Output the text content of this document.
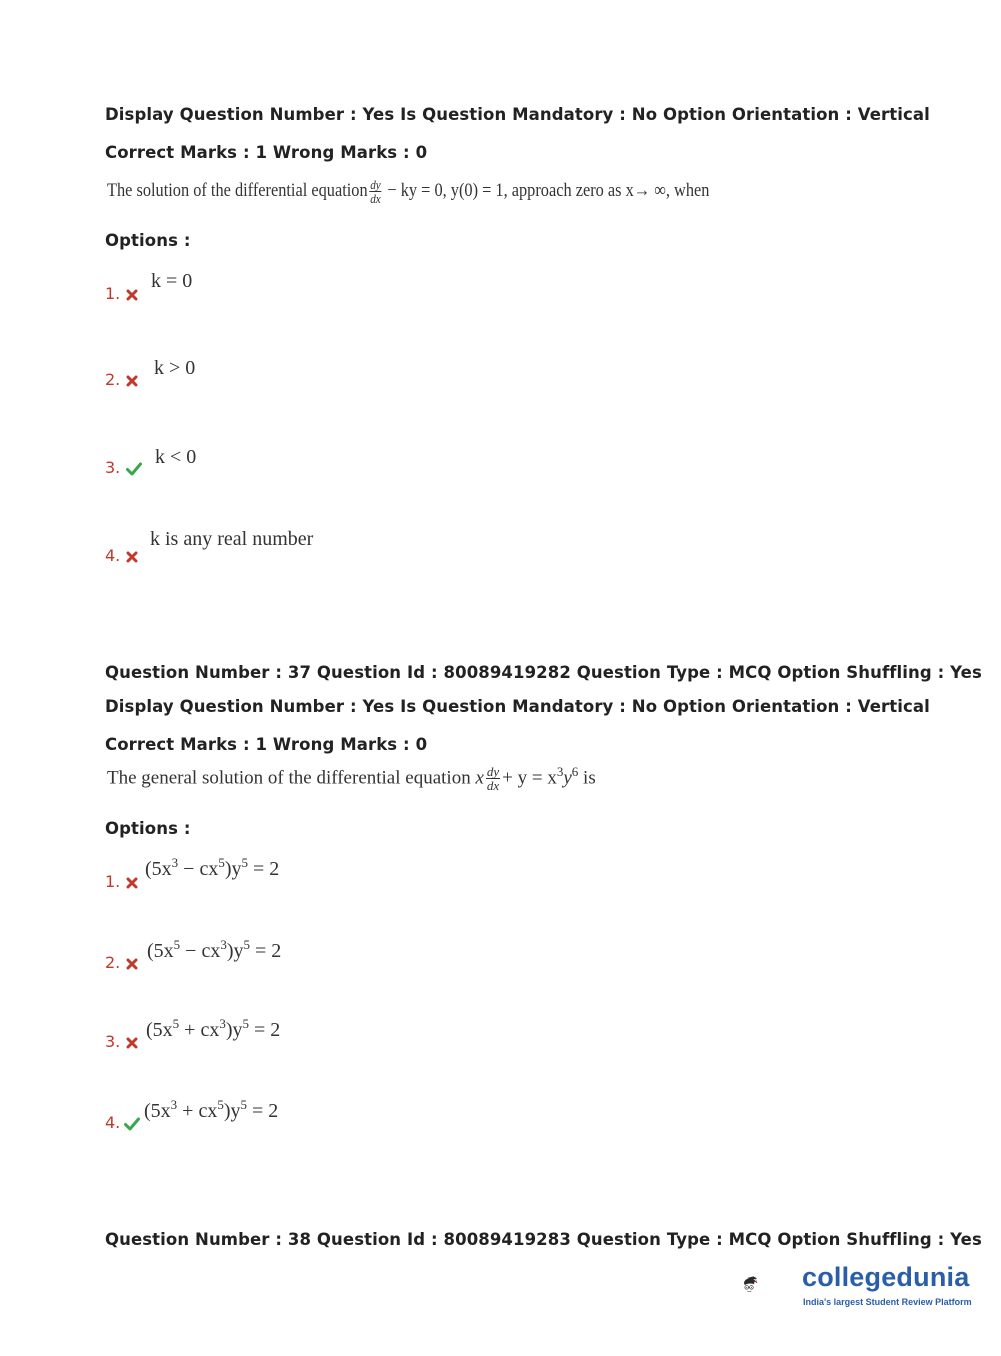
Display Question Number : Yes Is Question Mandatory : No Option Orientation : Vertical
Correct Marks : 1 Wrong Marks : 0
The solution of the differential equation $\frac{dy}{dx}$ − ky = 0, y(0) = 1, approach zero as x→ ∞, when
Options :
1.
k = 0
2.
k > 0
3.	k < 0
4.
k is any real number
Question Number : 37 Question Id : 80089419282 Question Type : MCQ Option Shuffling : Yes
Display Question Number : Yes Is Question Mandatory : No Option Orientation : Vertical
Correct Marks : 1 Wrong Marks : 0
The general solution of the differential equation x $\frac{dy}{dx} + y = x^3y^6$ is
Options :
1.
$(5x^3 - cx^5)y^5 = 2$
2.
$(5x^5 - cx^3)y^5 = 2$
3.
$(5x^5 + cx^3)y^5 = 2$
4.
$(5x^3 + cx^5)y^5 = 2$
Question Number : 38 Question Id : 80089419283 Question Type : MCQ Option Shuffling : Yes
collegedunia
India's largest Student Review Platform
